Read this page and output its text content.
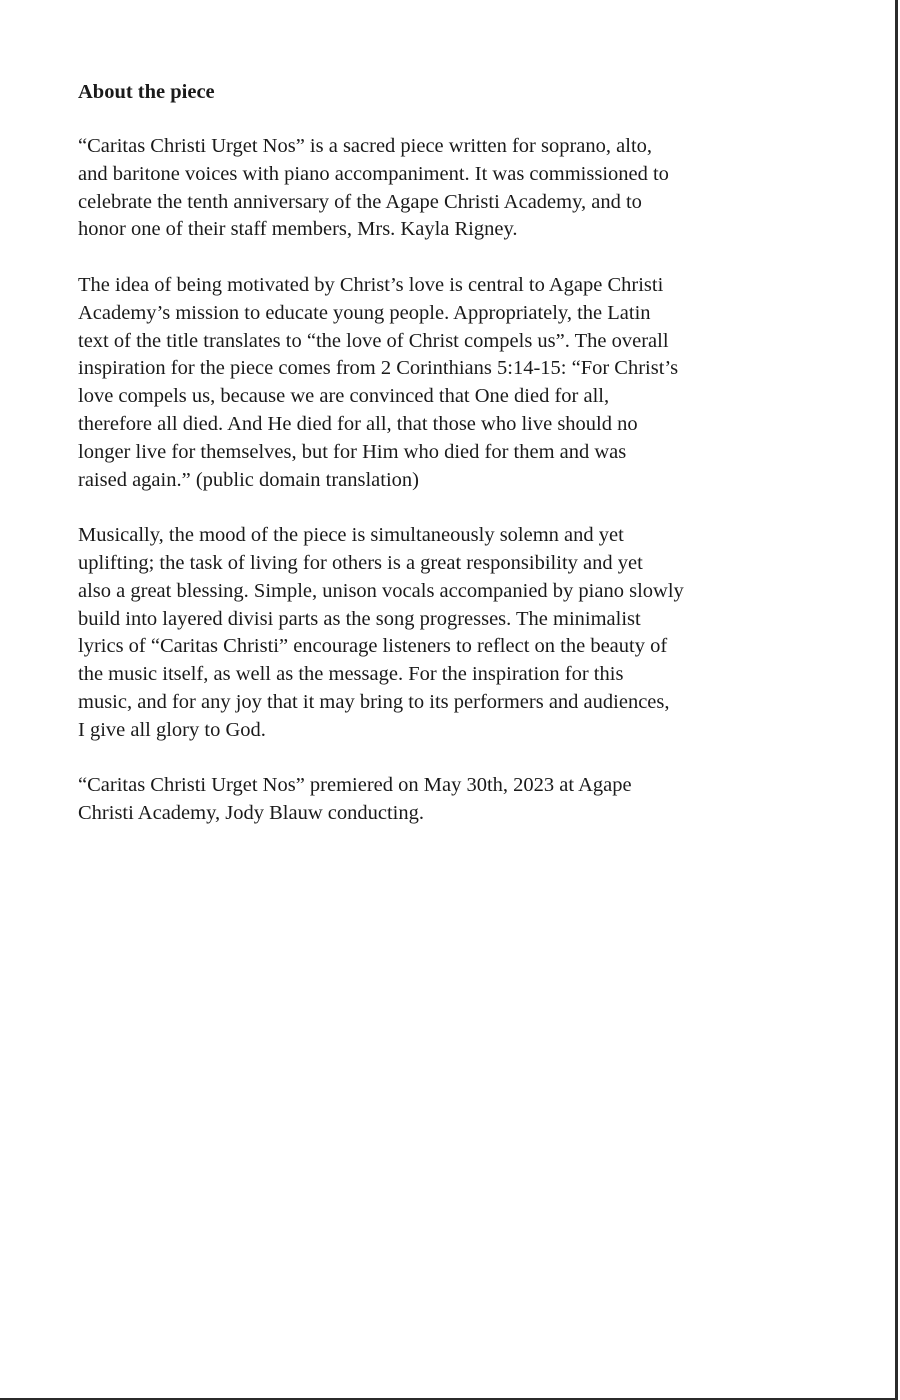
About the piece

“Caritas Christi Urget Nos” is a sacred piece written for soprano, alto,
and baritone voices with piano accompaniment. It was commissioned to
celebrate the tenth anniversary of the Agape Christi Academy, and to
honor one of their staff members, Mrs. Kayla Rigney.

The idea of being motivated by Christ’s love is central to Agape Christi
Academy’s mission to educate young people. Appropriately, the Latin
text of the title translates to “the love of Christ compels us”. The overall
inspiration for the piece comes from 2 Corinthians 5:14-15: “For Christ’s
love compels us, because we are convinced that One died for all,
therefore all died. And He died for all, that those who live should no
longer live for themselves, but for Him who died for them and was
raised again.” (public domain translation)

Musically, the mood of the piece is simultaneously solemn and yet
uplifting; the task of living for others is a great responsibility and yet
also a great blessing. Simple, unison vocals accompanied by piano slowly
build into layered divisi parts as the song progresses. The minimalist
lyrics of “Caritas Christi” encourage listeners to reflect on the beauty of
the music itself, as well as the message. For the inspiration for this
music, and for any joy that it may bring to its performers and audiences,
I give all glory to God.

“Caritas Christi Urget Nos” premiered on May 30th, 2023 at Agape
Christi Academy, Jody Blauw conducting.
